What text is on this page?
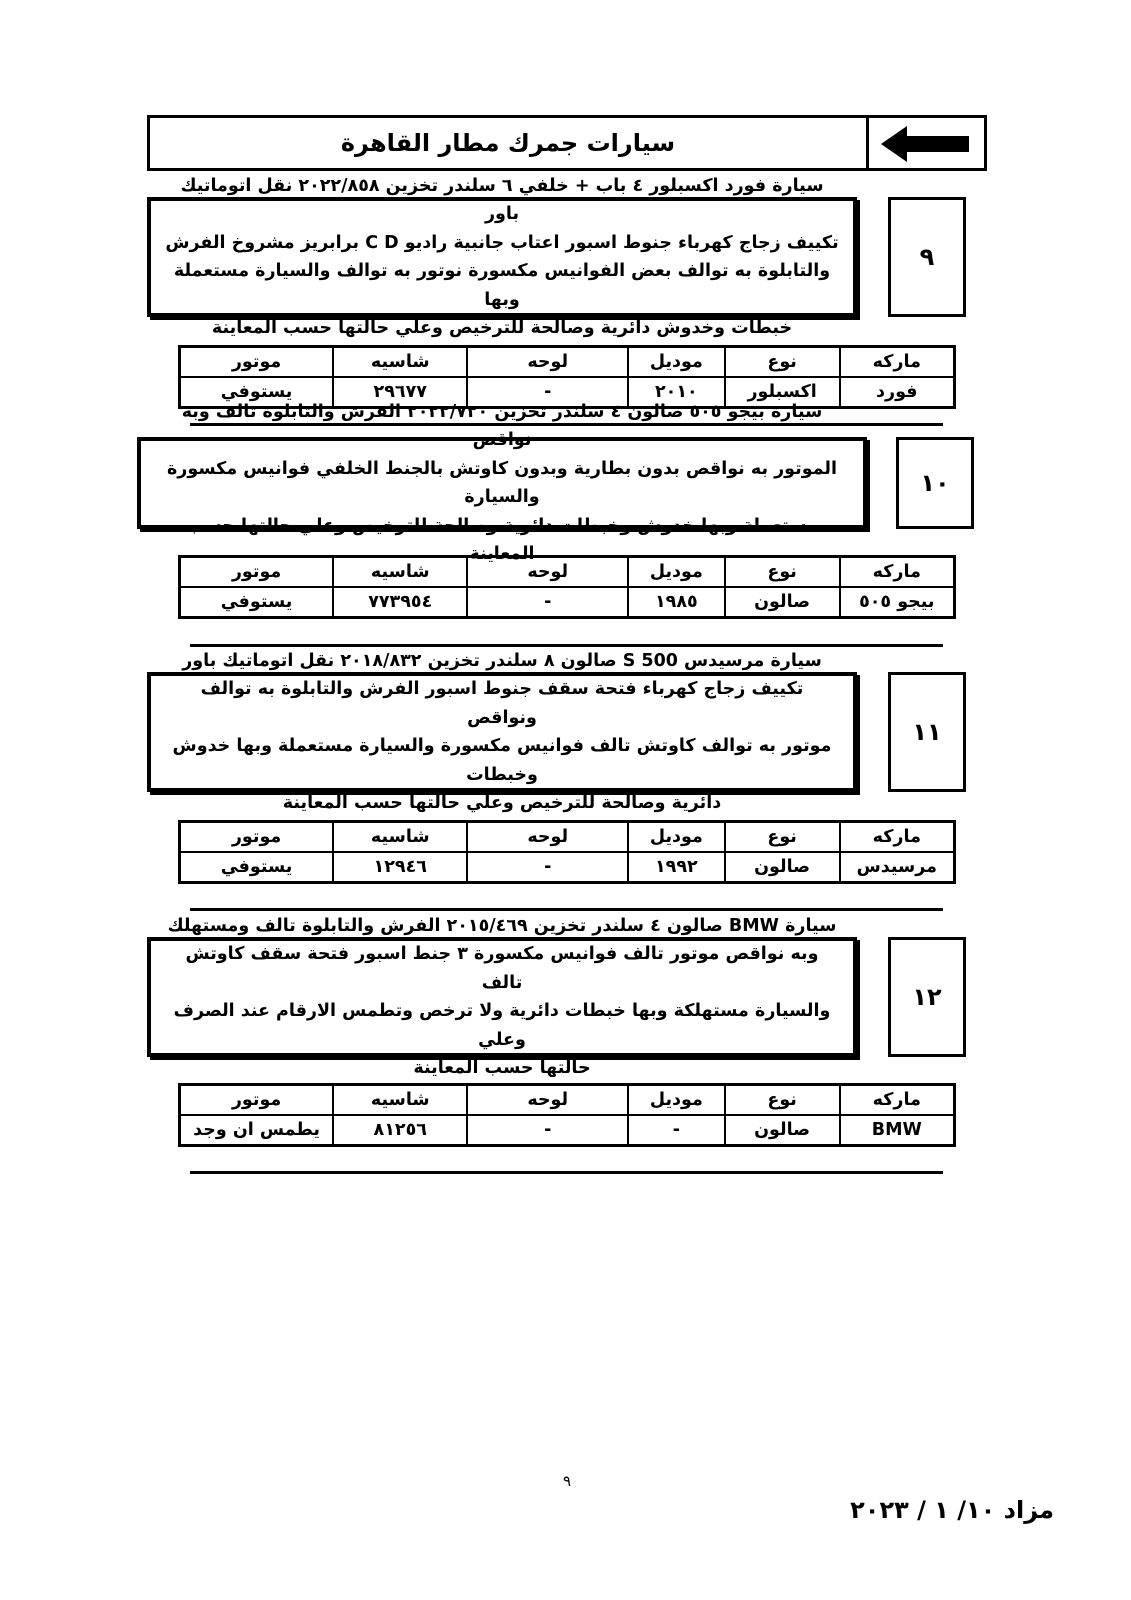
سيارات جمرك مطار القاهرة
٩
سيارة فورد اكسبلور ٤ باب + خلفي ٦ سلندر تخزين ٢٠٢٢/٨٥٨ نقل اتوماتيك باور
تكييف زجاج كهرباء جنوط اسبور اعتاب جانبية راديو C D برابريز مشروخ الفرش
والتابلوة به توالف بعض الفوانيس مكسورة نوتور به توالف والسيارة مستعملة وبها
خبطات وخدوش دائرية وصالحة للترخيص وعلي حالتها حسب المعاينة
ماركه	نوع	موديل	لوحه	شاسيه	موتور
فورد	اكسبلور	٢٠١٠	-	٢٩٦٧٧	يستوفي
١٠
سيارة بيجو ٥٠٥ صالون ٤ سلندر تخزين ٢٠٢٢/٧٢٠ الفرش والتابلوة تالف وبه نواقص
الموتور به نواقص بدون بطارية وبدون كاوتش بالجنط الخلفي فوانيس مكسورة والسيارة
مستعملة وبها خدوش وخبطات دائرية وصالحة للترخيص وعلي حالتها حسب المعاينة
ماركه	نوع	موديل	لوحه	شاسيه	موتور
بيجو ٥٠٥	صالون	١٩٨٥	-	٧٧٣٩٥٤	يستوفي
١١
سيارة مرسيدس S 500 صالون ٨ سلندر تخزين ٢٠١٨/٨٣٢ نقل اتوماتيك باور
تكييف زجاج كهرباء فتحة سقف جنوط اسبور الفرش والتابلوة به توالف ونواقص
موتور به توالف كاوتش تالف فوانيس مكسورة والسيارة مستعملة وبها خدوش وخبطات
دائرية وصالحة للترخيص وعلي حالتها حسب المعاينة
ماركه	نوع	موديل	لوحه	شاسيه	موتور
مرسيدس	صالون	١٩٩٢	-	١٢٩٤٦	يستوفي
١٢
سيارة BMW صالون ٤ سلندر تخزين ٢٠١٥/٤٦٩ الفرش والتابلوة تالف ومستهلك
وبه نواقص موتور تالف فوانيس مكسورة ٣ جنط اسبور فتحة سقف كاوتش تالف
والسيارة مستهلكة وبها خبطات دائرية ولا ترخص وتطمس الارقام عند الصرف وعلي
حالتها حسب المعاينة
ماركه	نوع	موديل	لوحه	شاسيه	موتور
BMW	صالون	-	-	٨١٢٥٦	يطمس ان وجد
٩
مزاد ١٠/ ١ / ٢٠٢٣
